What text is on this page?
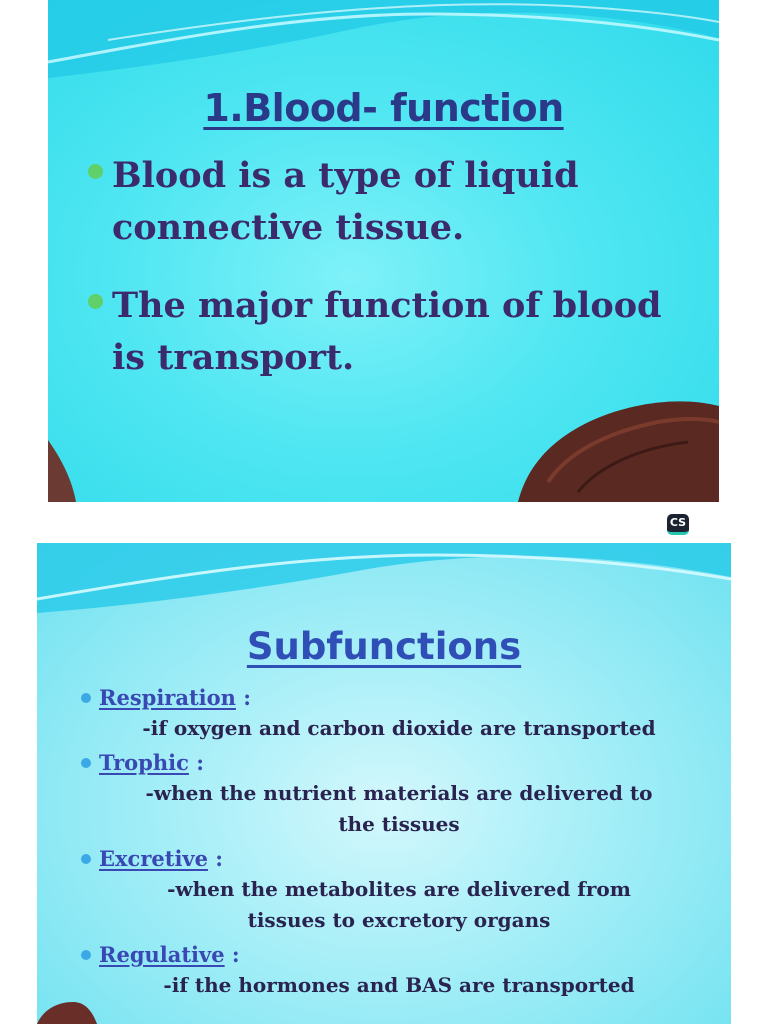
1.Blood- function
Blood is a type of liquid connective tissue.
The major function of blood is transport.
CS
Subfunctions
Respiration :

-if oxygen and carbon dioxide are transported

Trophic :

-when the nutrient materials are delivered to
the tissues

Excretive :

-when the metabolites are delivered from
tissues to excretory organs

Regulative :

-if the hormones and BAS are transported
